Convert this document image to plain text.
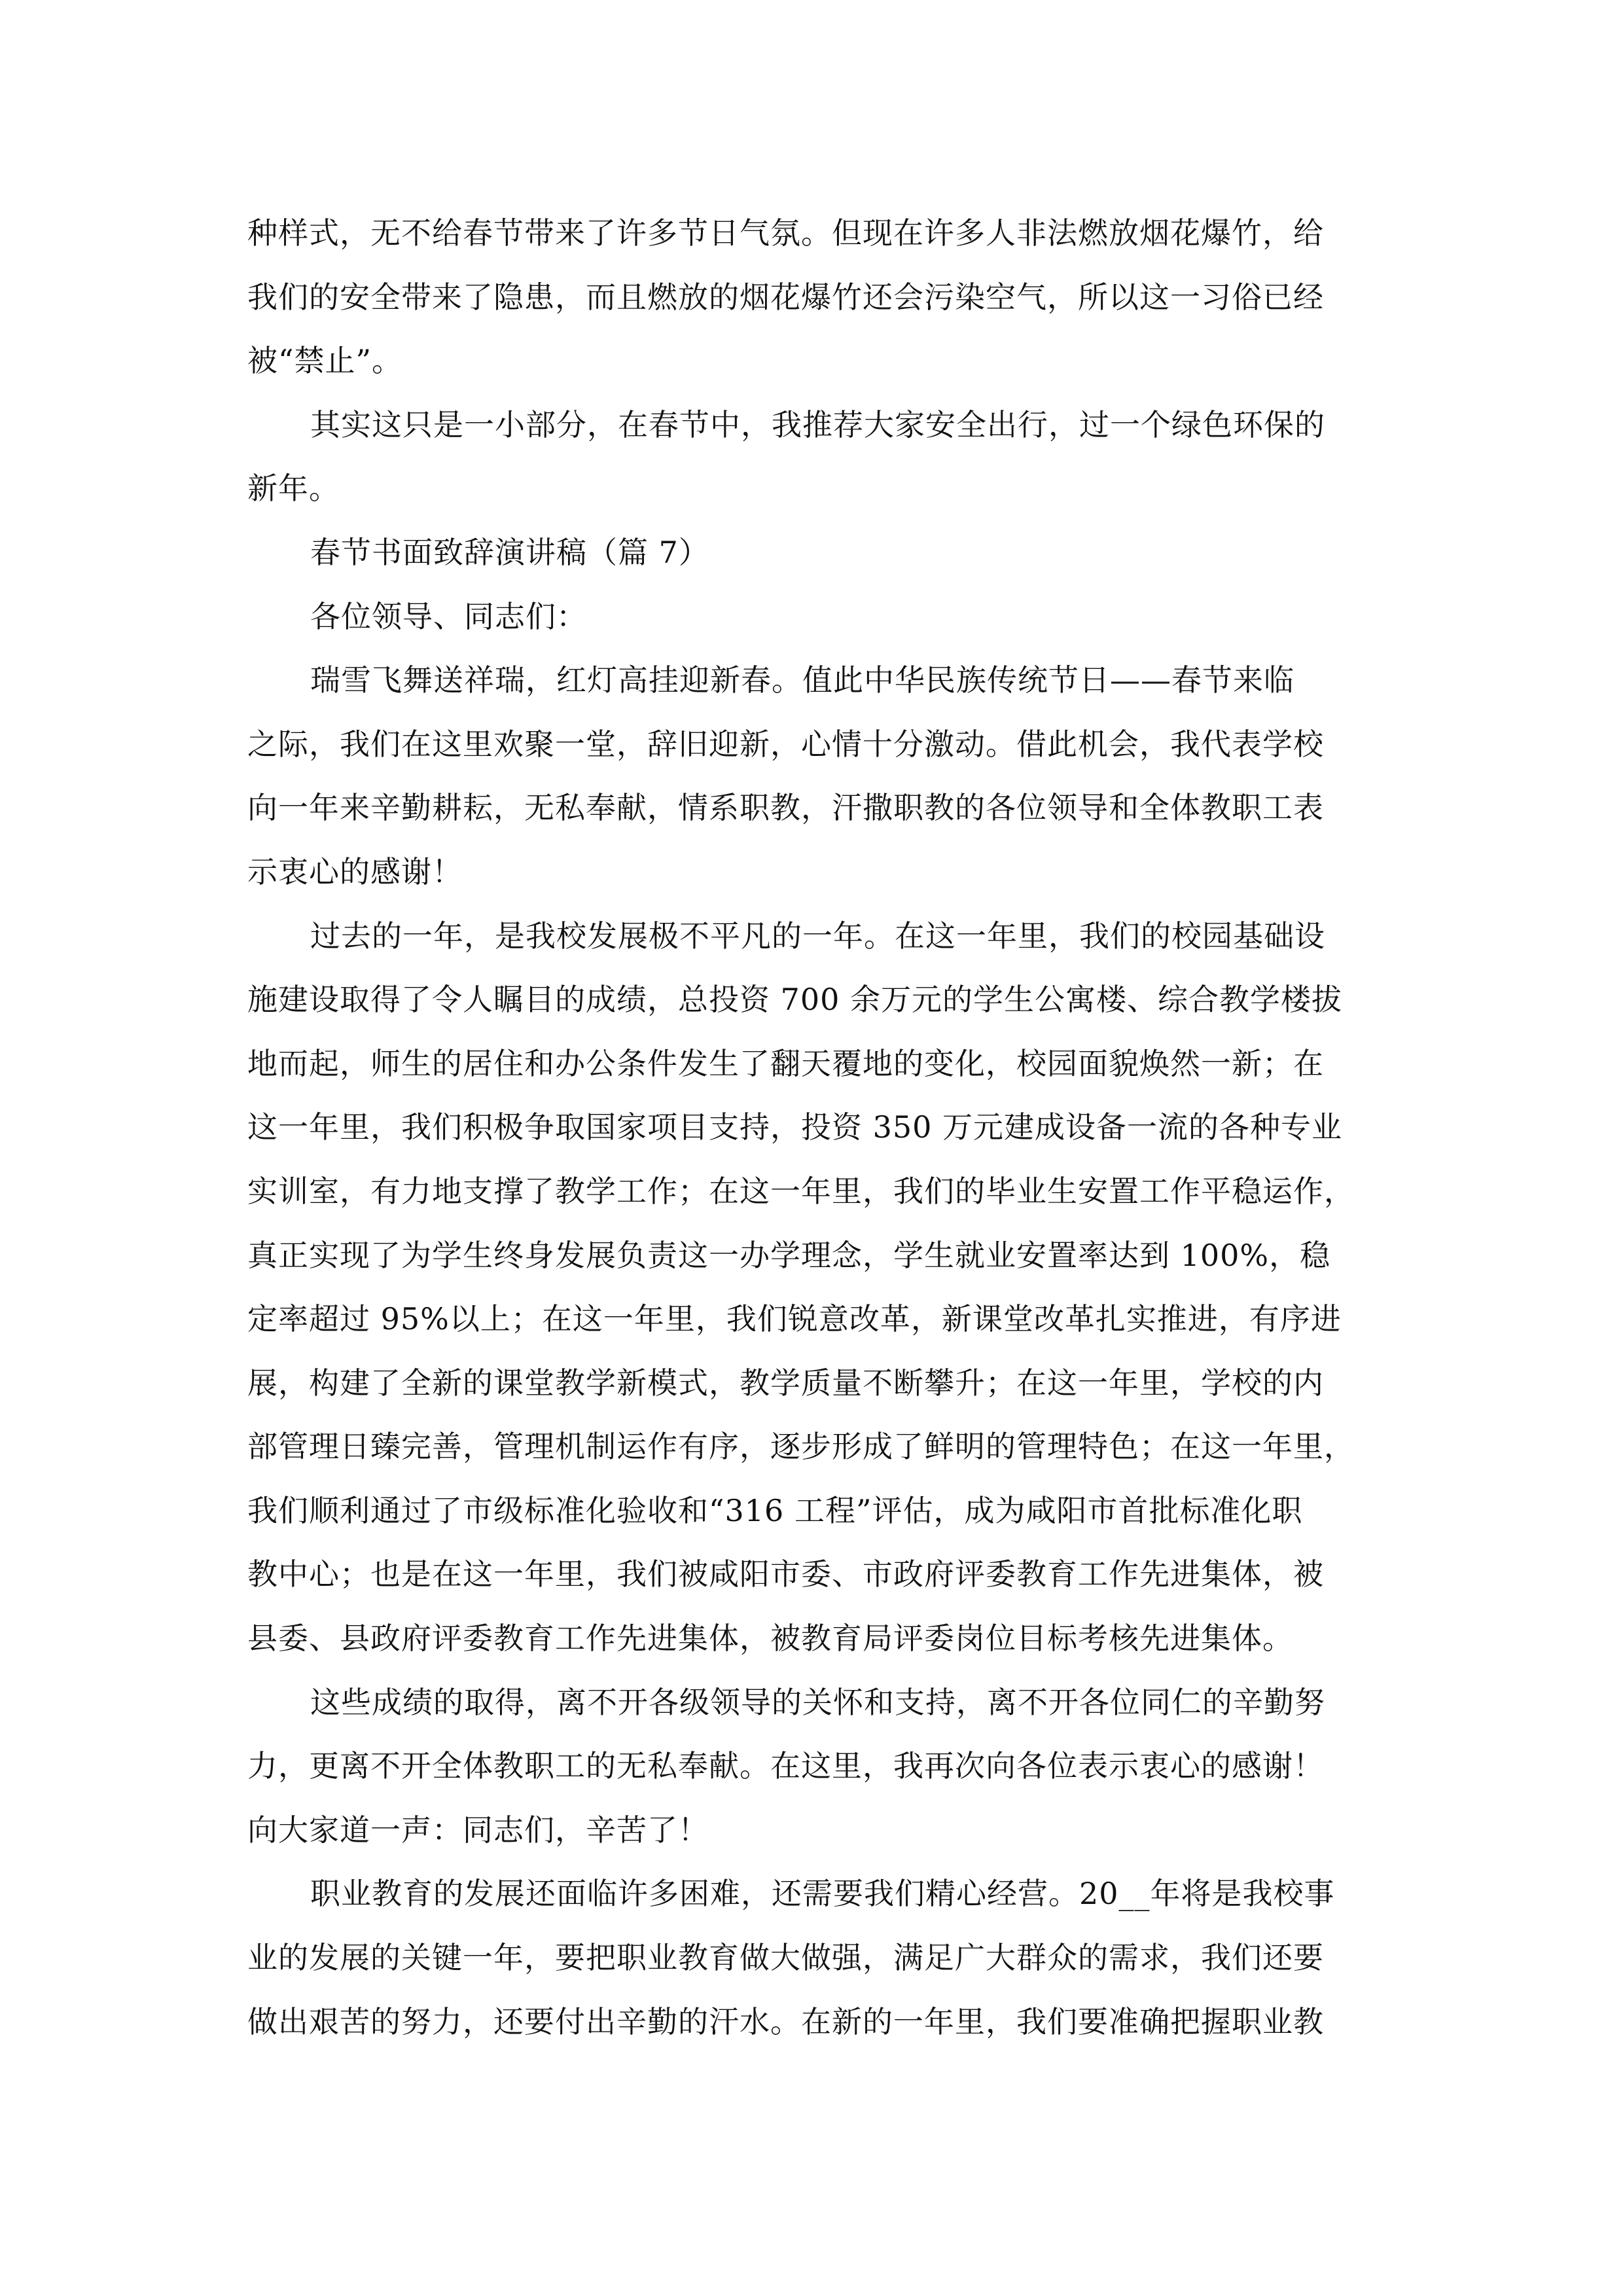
种样式，无不给春节带来了许多节日气氛。但现在许多人非法燃放烟花爆竹，给
我们的安全带来了隐患，而且燃放的烟花爆竹还会污染空气，所以这一习俗已经
被“禁止”。
其实这只是一小部分，在春节中，我推荐大家安全出行，过一个绿色环保的
新年。
春节书面致辞演讲稿（篇 7）
各位领导、同志们：
瑞雪飞舞送祥瑞，红灯高挂迎新春。值此中华民族传统节日——春节来临
之际，我们在这里欢聚一堂，辞旧迎新，心情十分激动。借此机会，我代表学校
向一年来辛勤耕耘，无私奉献，情系职教，汗撒职教的各位领导和全体教职工表
示衷心的感谢！
过去的一年，是我校发展极不平凡的一年。在这一年里，我们的校园基础设
施建设取得了令人瞩目的成绩，总投资 700 余万元的学生公寓楼、综合教学楼拔
地而起，师生的居住和办公条件发生了翻天覆地的变化，校园面貌焕然一新；在
这一年里，我们积极争取国家项目支持，投资 350 万元建成设备一流的各种专业
实训室，有力地支撑了教学工作；在这一年里，我们的毕业生安置工作平稳运作，
真正实现了为学生终身发展负责这一办学理念，学生就业安置率达到 100%，稳
定率超过 95%以上；在这一年里，我们锐意改革，新课堂改革扎实推进，有序进
展，构建了全新的课堂教学新模式，教学质量不断攀升；在这一年里，学校的内
部管理日臻完善，管理机制运作有序，逐步形成了鲜明的管理特色；在这一年里，
我们顺利通过了市级标准化验收和“316 工程”评估，成为咸阳市首批标准化职
教中心；也是在这一年里，我们被咸阳市委、市政府评委教育工作先进集体，被
县委、县政府评委教育工作先进集体，被教育局评委岗位目标考核先进集体。
这些成绩的取得，离不开各级领导的关怀和支持，离不开各位同仁的辛勤努
力，更离不开全体教职工的无私奉献。在这里，我再次向各位表示衷心的感谢！
向大家道一声：同志们，辛苦了！
职业教育的发展还面临许多困难，还需要我们精心经营。20__年将是我校事
业的发展的关键一年，要把职业教育做大做强，满足广大群众的需求，我们还要
做出艰苦的努力，还要付出辛勤的汗水。在新的一年里，我们要准确把握职业教
